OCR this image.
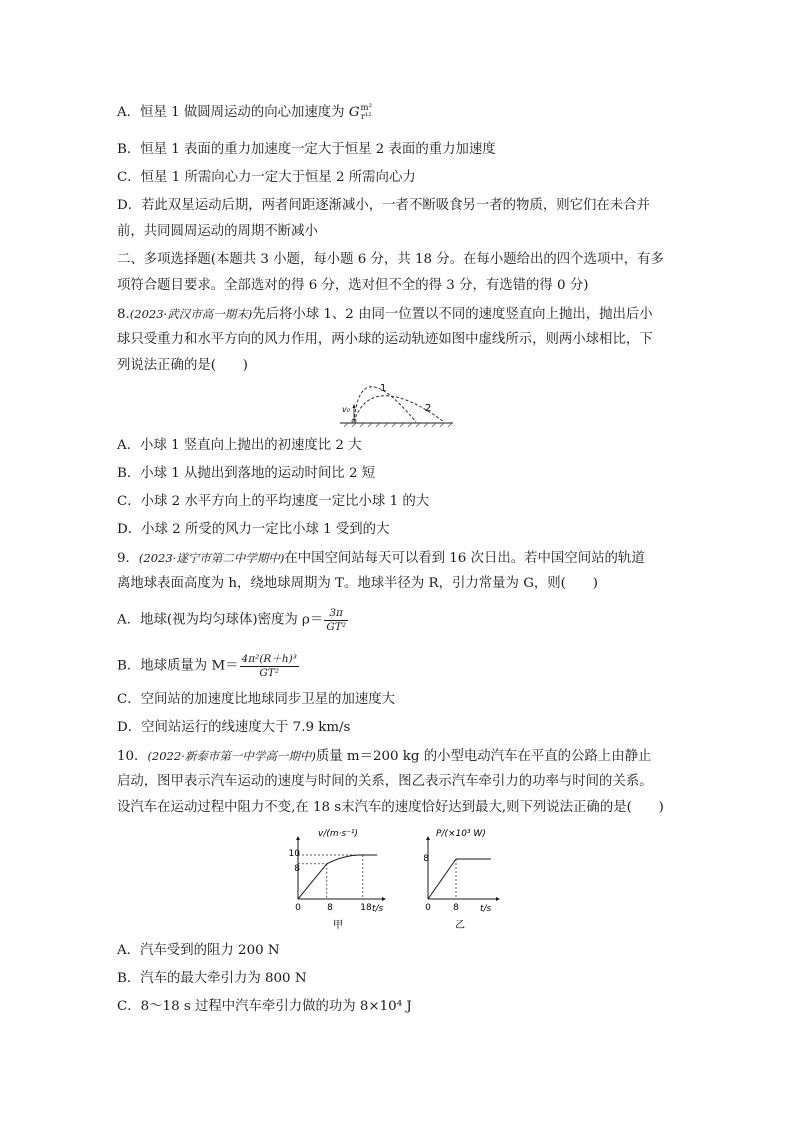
A．恒星 1 做圆周运动的向心加速度为 G m²
r¹²
B．恒星 1 表面的重力加速度一定大于恒星 2 表面的重力加速度
C．恒星 1 所需向心力一定大于恒星 2 所需向心力
D．若此双星运动后期，两者间距逐渐减小，一者不断吸食另一者的物质，则它们在未合并
前，共同圆周运动的周期不断减小
二、多项选择题(本题共 3 小题，每小题 6 分，共 18 分。在每小题给出的四个选项中，有多
项符合题目要求。全部选对的得 6 分，选对但不全的得 3 分，有选错的得 0 分)
8.(2023·武汉市高一期末)先后将小球 1、2 由同一位置以不同的速度竖直向上抛出，抛出后小
球只受重力和水平方向的风力作用，两小球的运动轨迹如图中虚线所示，则两小球相比，下
列说法正确的是(　　)
v₀
1
2
A．小球 1 竖直向上抛出的初速度比 2 大
B．小球 1 从抛出到落地的运动时间比 2 短
C．小球 2 水平方向上的平均速度一定比小球 1 的大
D．小球 2 所受的风力一定比小球 1 受到的大
9．(2023·遂宁市第二中学期中)在中国空间站每天可以看到 16 次日出。若中国空间站的轨道
离地球表面高度为 h，绕地球周期为 T。地球半径为 R，引力常量为 G，则(　　)
A．地球(视为均匀球体)密度为 $\rho= \frac{3\pi}{\text{GT²}}$
B．地球质量为 $M= \frac{\text{4π²(R＋h)³}}{\text{GT²}}$
C．空间站的加速度比地球同步卫星的加速度大
D．空间站运行的线速度大于 7.9 km/s
10．(2022·新泰市第一中学高一期中)质量 m＝200 kg 的小型电动汽车在平直的公路上由静止
启动，图甲表示汽车运动的速度与时间的关系，图乙表示汽车牵引力的功率与时间的关系。
设汽车在运动过程中阻力不变,在 18 s末汽车的速度恰好达到最大,则下列说法正确的是(　　)
v/(m·s⁻¹)
t/s
0	8	18
8
10
甲
P/(×10³ W)
t/s
0 8
8
乙
A．汽车受到的阻力 200 N
B．汽车的最大牵引力为 800 N
C．8～18 s 过程中汽车牵引力做的功为 8×10⁴ J
